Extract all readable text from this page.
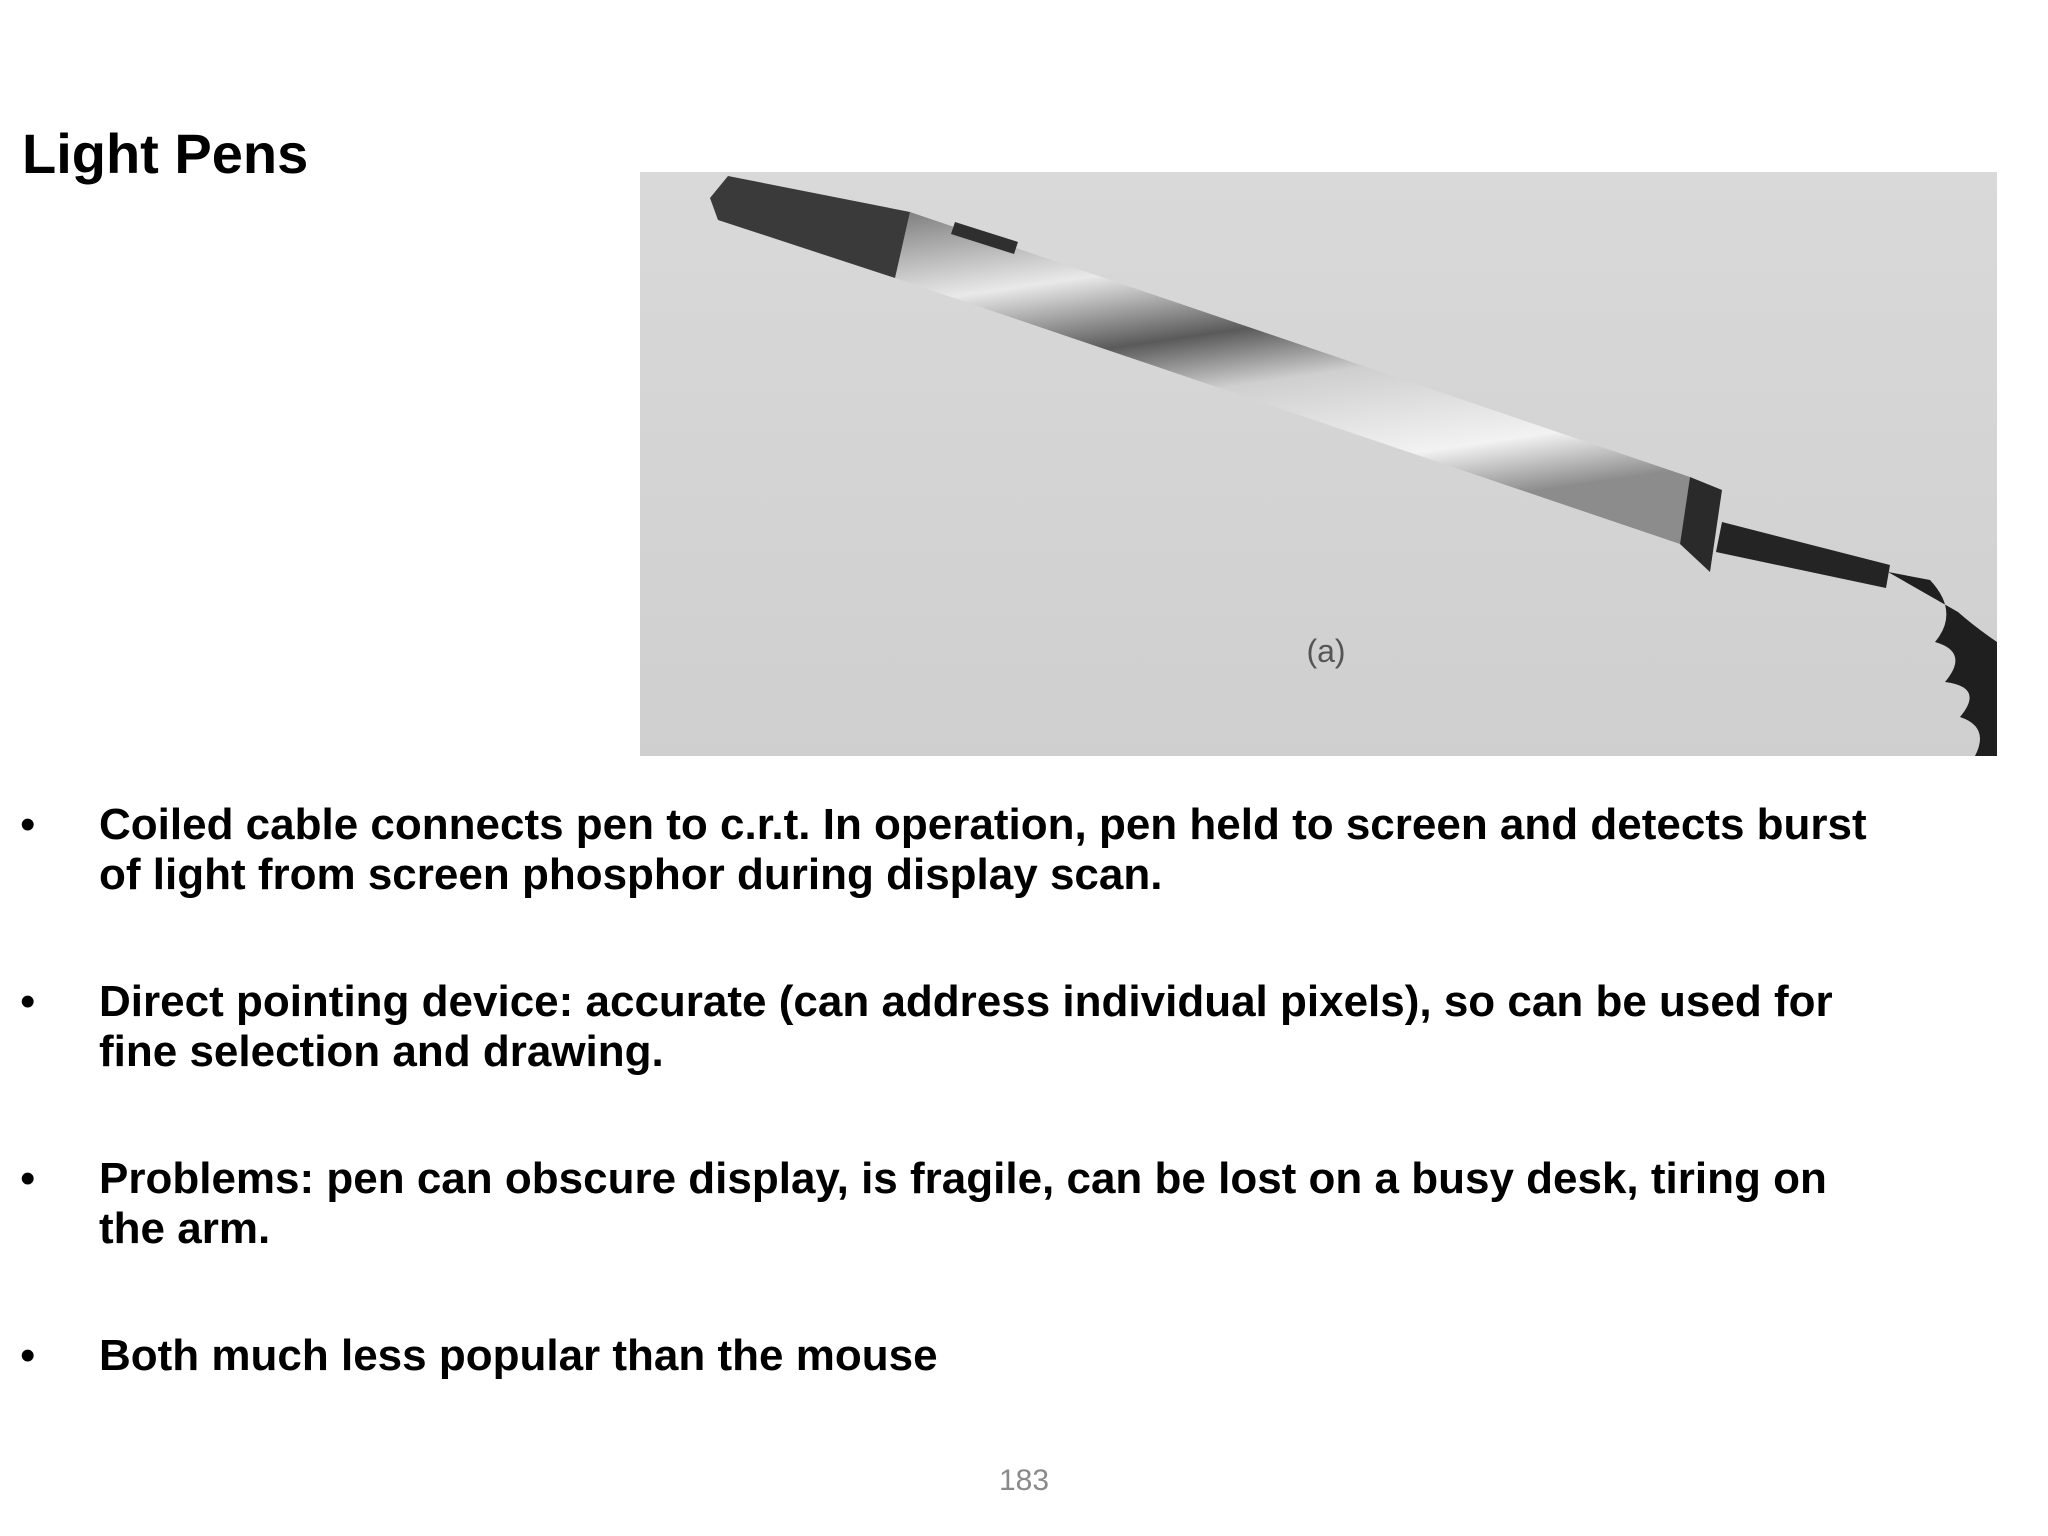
Light Pens
(a)
• Coiled cable connects pen to c.r.t. In operation, pen held to screen and detects burst of light from screen phosphor during display scan.
• Direct pointing device: accurate (can address individual pixels), so can be used for fine selection and drawing.
• Problems: pen can obscure display, is fragile, can be lost on a busy desk, tiring on the arm.
• Both much less popular than the mouse
183
